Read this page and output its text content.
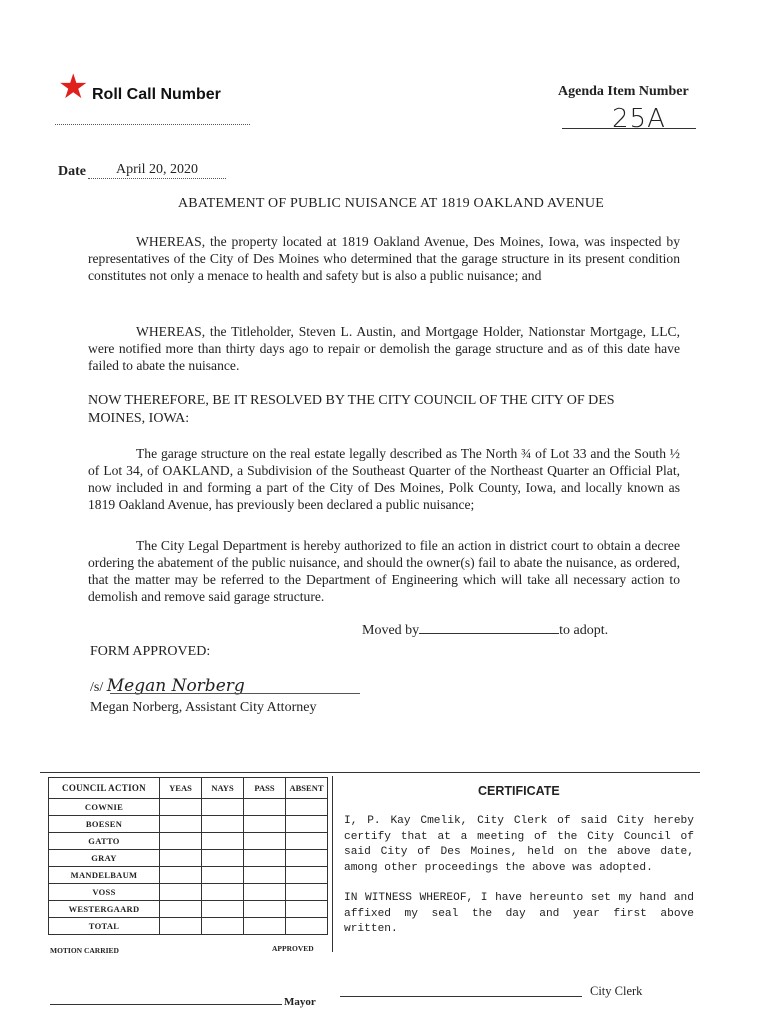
★ Roll Call Number	Agenda Item Number
25A
Date	April 20, 2020
ABATEMENT OF PUBLIC NUISANCE AT 1819 OAKLAND AVENUE
WHEREAS, the property located at 1819 Oakland Avenue, Des Moines, Iowa, was inspected by representatives of the City of Des Moines who determined that the garage structure in its present condition constitutes not only a menace to health and safety but is also a public nuisance; and
WHEREAS, the Titleholder, Steven L. Austin, and Mortgage Holder, Nationstar Mortgage, LLC, were notified more than thirty days ago to repair or demolish the garage structure and as of this date have failed to abate the nuisance.
NOW THEREFORE, BE IT RESOLVED BY THE CITY COUNCIL OF THE CITY OF DES MOINES, IOWA:
The garage structure on the real estate legally described as The North ¾ of Lot 33 and the South ½ of Lot 34, of OAKLAND, a Subdivision of the Southeast Quarter of the Northeast Quarter an Official Plat, now included in and forming a part of the City of Des Moines, Polk County, Iowa, and locally known as 1819 Oakland Avenue, has previously been declared a public nuisance;
The City Legal Department is hereby authorized to file an action in district court to obtain a decree ordering the abatement of the public nuisance, and should the owner(s) fail to abate the nuisance, as ordered, that the matter may be referred to the Department of Engineering which will take all necessary action to demolish and remove said garage structure.
Moved by	to adopt.
FORM APPROVED:
/s/ Megan Norberg
Megan Norberg, Assistant City Attorney
COUNCIL ACTION	YEAS	NAYS	PASS	ABSENT
COWNIE				
BOESEN				
GATTO				
GRAY				
MANDELBAUM				
VOSS				
WESTERGAARD				
TOTAL				
MOTION CARRIED	APPROVED
CERTIFICATE
I, P. Kay Cmelik, City Clerk of said City hereby certify that at a meeting of the City Council of said City of Des Moines, held on the above date, among other proceedings the above was adopted.
IN WITNESS WHEREOF, I have hereunto set my hand and affixed my seal the day and year first above written.
Mayor
City Clerk
